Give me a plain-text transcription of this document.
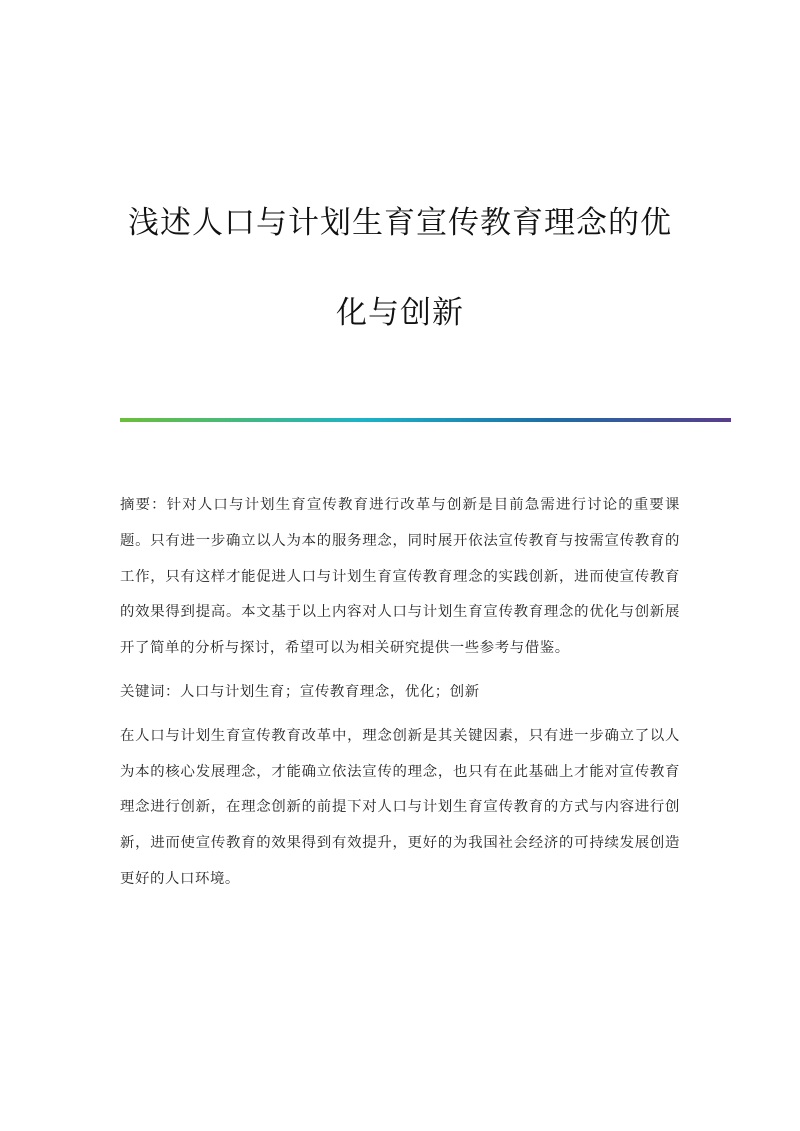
浅述人口与计划生育宣传教育理念的优
化与创新

摘要：针对人口与计划生育宣传教育进行改革与创新是目前急需进行讨论的重要课题。只有进一步确立以人为本的服务理念，同时展开依法宣传教育与按需宣传教育的工作，只有这样才能促进人口与计划生育宣传教育理念的实践创新，进而使宣传教育的效果得到提高。本文基于以上内容对人口与计划生育宣传教育理念的优化与创新展开了简单的分析与探讨，希望可以为相关研究提供一些参考与借鉴。

关键词：人口与计划生育；宣传教育理念，优化；创新

在人口与计划生育宣传教育改革中，理念创新是其关键因素，只有进一步确立了以人为本的核心发展理念，才能确立依法宣传的理念，也只有在此基础上才能对宣传教育理念进行创新，在理念创新的前提下对人口与计划生育宣传教育的方式与内容进行创新，进而使宣传教育的效果得到有效提升，更好的为我国社会经济的可持续发展创造更好的人口环境。
